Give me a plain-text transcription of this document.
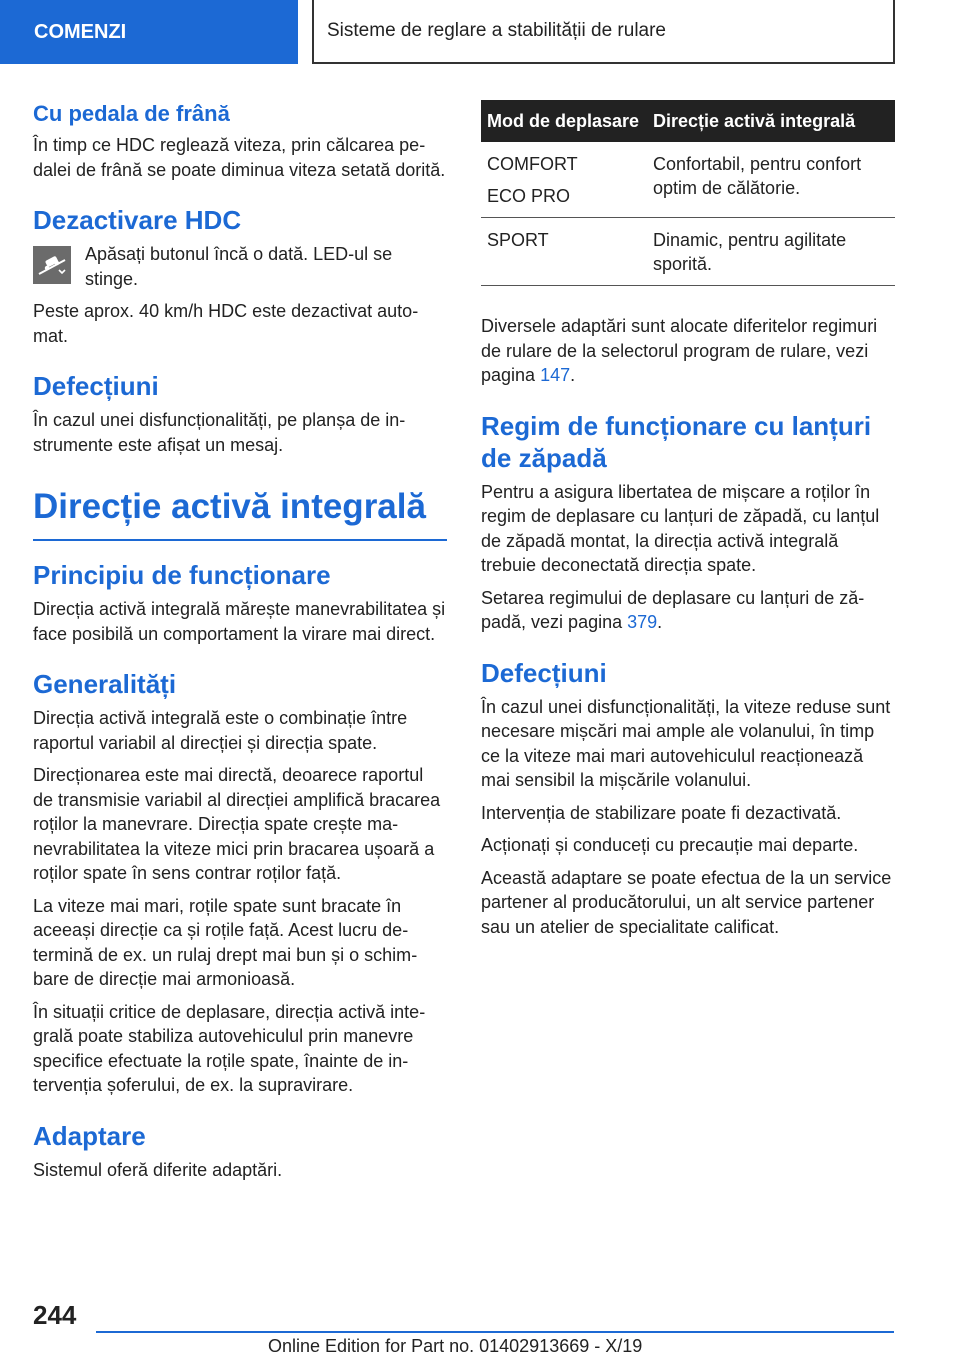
COMENZI	Sisteme de reglare a stabilității de rulare
Cu pedala de frână

În timp ce HDC reglează viteza, prin călcarea pedalei de frână se poate diminua viteza setată dorită.

Dezactivare HDC

Apăsați butonul încă o dată. LED-ul se stinge.

Peste aprox. 40 km/h HDC este dezactivat automat.

Defecțiuni

În cazul unei disfuncționalități, pe planșa de instrumente este afișat un mesaj.

Direcție activă integrală
Principiu de funcționare

Direcția activă integrală mărește manevrabilitatea și face posibilă un comportament la virare mai direct.

Generalități

Direcția activă integrală este o combinație între raportul variabil al direcției și direcția spate.

Direcționarea este mai directă, deoarece raportul de transmisie variabil al direcției amplifică bracarea roților la manevrare. Direcția spate crește manevrabilitatea la viteze mici prin bracarea ușoară a roților spate în sens contrar roților față.

La viteze mai mari, roțile spate sunt bracate în aceeași direcție ca și roțile față. Acest lucru determină de ex. un rulaj drept mai bun și o schimbare de direcție mai armonioasă.

În situații critice de deplasare, direcția activă integrală poate stabiliza autovehiculul prin manevre specifice efectuate la roțile spate, înainte de intervenția șoferului, de ex. la supravirare.

Adaptare

Sistemul oferă diferite adaptări.

Mod de deplasare	Direcție activă integrală

COMFORT
ECO PRO	Confortabil, pentru confort optim de călătorie.

SPORT	Dinamic, pentru agilitate sporită.

Diversele adaptări sunt alocate diferitelor regimuri de rulare de la selectorul program de rulare, vezi pagina 147.

Regim de funcționare cu lanțuri de zăpadă

Pentru a asigura libertatea de mișcare a roților în regim de deplasare cu lanțuri de zăpadă, cu lanțul de zăpadă montat, la direcția activă integrală trebuie deconectată direcția spate.

Setarea regimului de deplasare cu lanțuri de zăpadă, vezi pagina 379.

Defecțiuni

În cazul unei disfuncționalități, la viteze reduse sunt necesare mișcări mai ample ale volanului, în timp ce la viteze mai mari autovehiculul reacționează mai sensibil la mișcările volanului.

Intervenția de stabilizare poate fi dezactivată.

Acționați și conduceți cu precauție mai departe.

Această adaptare se poate efectua de la un service partener al producătorului, un alt service partener sau un atelier de specialitate calificat.

244
Online Edition for Part no. 01402913669 - X/19
